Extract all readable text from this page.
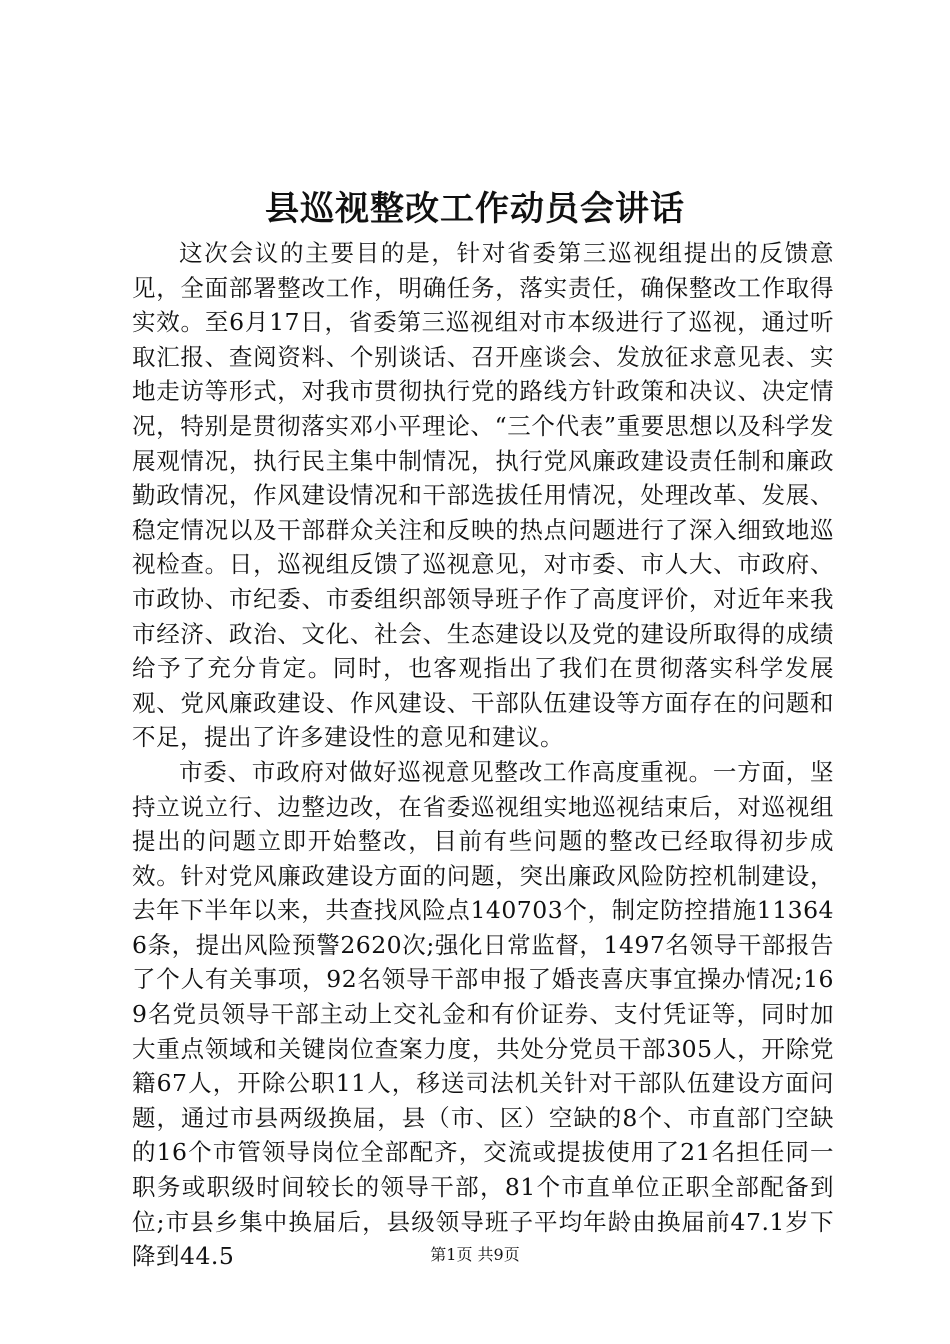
县巡视整改工作动员会讲话

这次会议的主要目的是，针对省委第三巡视组提出的反馈意见，全面部署整改工作，明确任务，落实责任，确保整改工作取得实效。至6月17日，省委第三巡视组对市本级进行了巡视，通过听取汇报、查阅资料、个别谈话、召开座谈会、发放征求意见表、实地走访等形式，对我市贯彻执行党的路线方针政策和决议、决定情况，特别是贯彻落实邓小平理论、“三个代表”重要思想以及科学发展观情况，执行民主集中制情况，执行党风廉政建设责任制和廉政勤政情况，作风建设情况和干部选拔任用情况，处理改革、发展、稳定情况以及干部群众关注和反映的热点问题进行了深入细致地巡视检查。日，巡视组反馈了巡视意见，对市委、市人大、市政府、市政协、市纪委、市委组织部领导班子作了高度评价，对近年来我市经济、政治、文化、社会、生态建设以及党的建设所取得的成绩给予了充分肯定。同时，也客观指出了我们在贯彻落实科学发展观、党风廉政建设、作风建设、干部队伍建设等方面存在的问题和不足，提出了许多建设性的意见和建议。

市委、市政府对做好巡视意见整改工作高度重视。一方面，坚持立说立行、边整边改，在省委巡视组实地巡视结束后，对巡视组提出的问题立即开始整改，目前有些问题的整改已经取得初步成效。针对党风廉政建设方面的问题，突出廉政风险防控机制建设，去年下半年以来，共查找风险点140703个，制定防控措施113646条，提出风险预警2620次;强化日常监督，1497名领导干部报告了个人有关事项，92名领导干部申报了婚丧喜庆事宜操办情况;169名党员领导干部主动上交礼金和有价证券、支付凭证等，同时加大重点领域和关键岗位查案力度，共处分党员干部305人，开除党籍67人，开除公职11人，移送司法机关针对干部队伍建设方面问题，通过市县两级换届，县（市、区）空缺的8个、市直部门空缺的16个市管领导岗位全部配齐，交流或提拔使用了21名担任同一职务或职级时间较长的领导干部，81个市直单位正职全部配备到位;市县乡集中换届后，县级领导班子平均年龄由换届前47.1岁下降到44.5	第1页 共9页
